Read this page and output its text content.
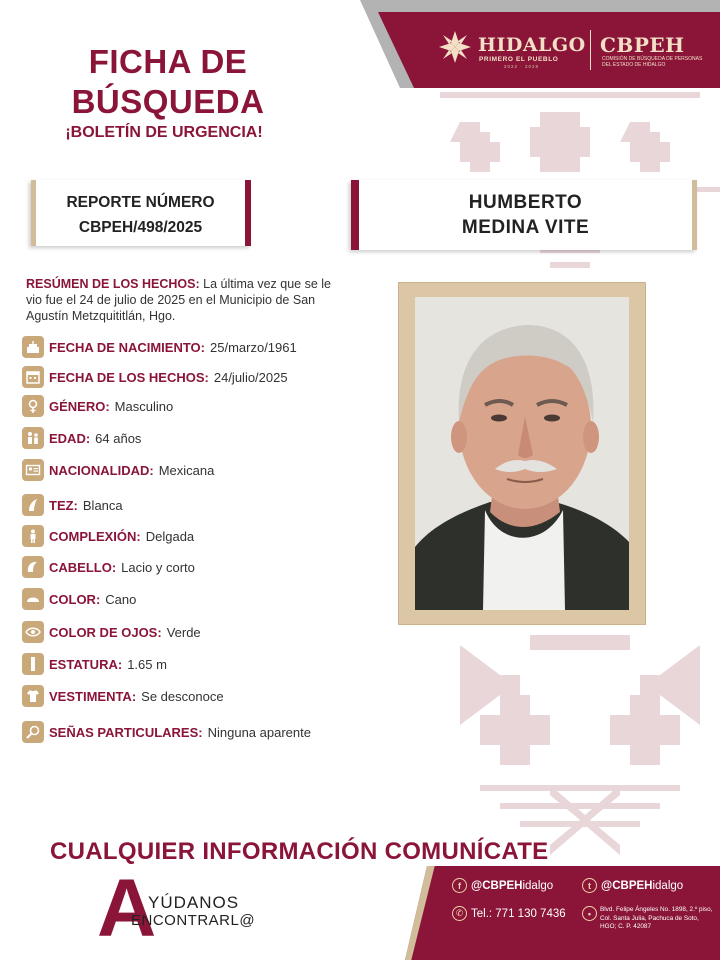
HIDALGO
PRIMERO EL PUEBLO
2022 · 2028
CBPEH
COMISIÓN DE BÚSQUEDA DE PERSONAS DEL ESTADO DE HIDALGO
FICHA DE
BÚSQUEDA
¡BOLETÍN DE URGENCIA!
REPORTE NÚMERO
CBPEH/498/2025
HUMBERTO
MEDINA VITE
RESÚMEN DE LOS HECHOS: La última vez que se le vio fue el 24 de julio de 2025 en el Municipio de San Agustín Metzquititlán, Hgo.
FECHA DE NACIMIENTO: 25/marzo/1961
FECHA DE LOS HECHOS: 24/julio/2025
GÉNERO: Masculino
EDAD: 64 años
NACIONALIDAD: Mexicana
TEZ: Blanca
COMPLEXIÓN: Delgada
CABELLO: Lacio y corto
COLOR: Cano
COLOR DE OJOS: Verde
ESTATURA: 1.65 m
VESTIMENTA: Se desconoce
SEÑAS PARTICULARES: Ninguna aparente
CUALQUIER INFORMACIÓN COMUNÍCATE
A
YÚDANOS
ENCONTRARL@
f @CBPEH idalgo	t @CBPEH idalgo
✆ Tel.: 771 130 7436	•	Blvd. Felipe Ángeles No. 1898, 2.º piso, Col. Santa Julia, Pachuca de Soto, HGO; C. P. 42087
